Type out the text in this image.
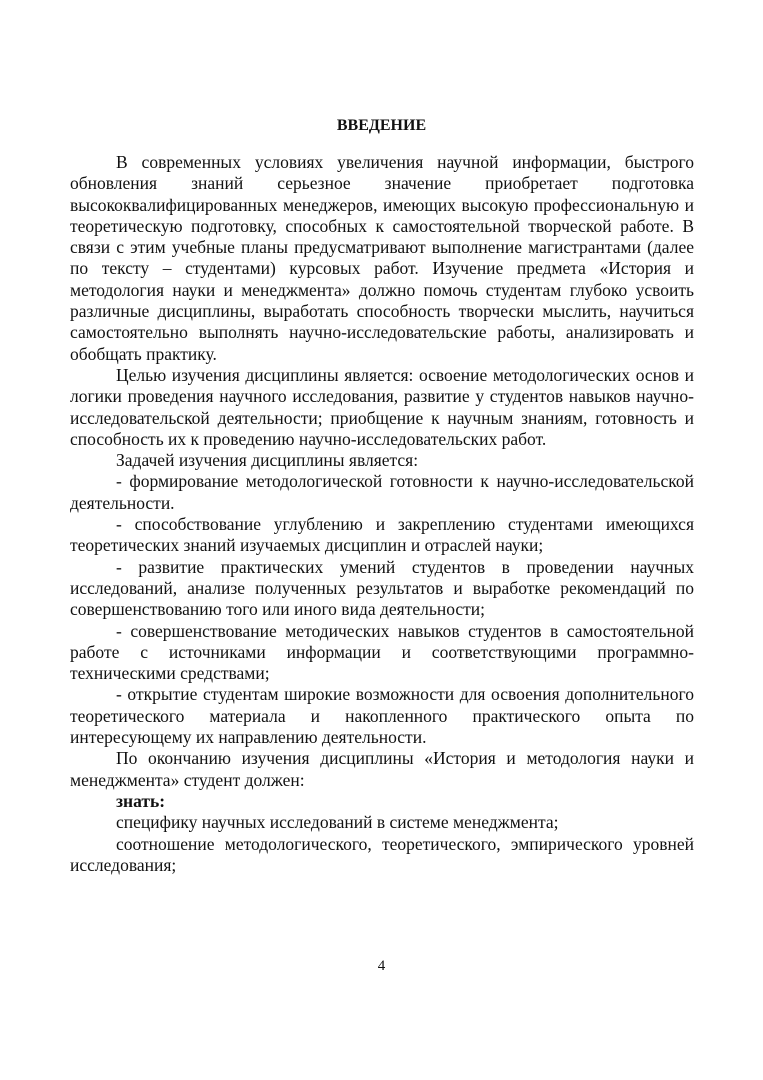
ВВЕДЕНИЕ

В современных условиях увеличения научной информации, быстрого обновления знаний серьезное значение приобретает подготовка высококвалифицированных менеджеров, имеющих высокую профессиональную и теоретическую подготовку, способных к самостоятельной творческой работе. В связи с этим учебные планы предусматривают выполнение магистрантами (далее по тексту – студентами) курсовых работ. Изучение предмета «История и методология науки и менеджмента» должно помочь студентам глубоко усвоить различные дисциплины, выработать способность творчески мыслить, научиться самостоятельно выполнять научно-исследовательские работы, анализировать и обобщать практику.

Целью изучения дисциплины является: освоение методологических основ и логики проведения научного исследования, развитие у студентов навыков научно-исследовательской деятельности; приобщение к научным знаниям, готовность и способность их к проведению научно-исследовательских работ.

Задачей изучения дисциплины является:

- формирование методологической готовности к научно-исследовательской деятельности.

- способствование углублению и закреплению студентами имеющихся теоретических знаний изучаемых дисциплин и отраслей науки;

- развитие практических умений студентов в проведении научных исследований, анализе полученных результатов и выработке рекомендаций по совершенствованию того или иного вида деятельности;

- совершенствование методических навыков студентов в самостоятельной работе с источниками информации и соответствующими программно-техническими средствами;

- открытие студентам широкие возможности для освоения дополнительного теоретического материала и накопленного практического опыта по интересующему их направлению деятельности.

По окончанию изучения дисциплины «История и методология науки и менеджмента» студент должен:

знать:

специфику научных исследований в системе менеджмента;

соотношение методологического, теоретического, эмпирического уровней исследования;

4
